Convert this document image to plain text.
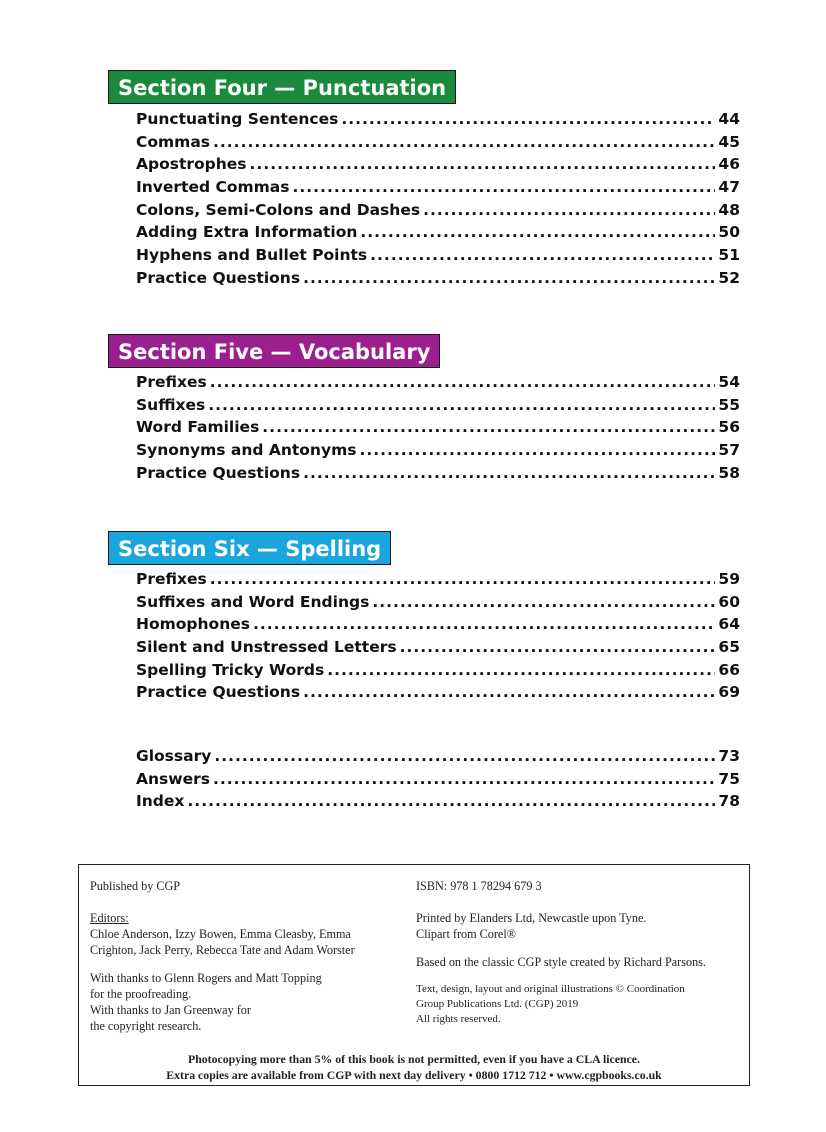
Section Four — Punctuation
Punctuating Sentences .....	44
Commas .....	45
Apostrophes .....	46
Inverted Commas .....	47
Colons, Semi-Colons and Dashes .....	48
Adding Extra Information .....	50
Hyphens and Bullet Points .....	51
Practice Questions .....	52
Section Five — Vocabulary
Prefixes .....	54
Suffixes .....	55
Word Families .....	56
Synonyms and Antonyms .....	57
Practice Questions .....	58
Section Six — Spelling
Prefixes .....	59
Suffixes and Word Endings .....	60
Homophones .....	64
Silent and Unstressed Letters .....	65
Spelling Tricky Words .....	66
Practice Questions .....	69
Glossary .....	73
Answers .....	75
Index .....	78

Published by CGP

Editors:

Chloe Anderson, Izzy Bowen, Emma Cleasby, Emma

Crighton, Jack Perry, Rebecca Tate and Adam Worster

With thanks to Glenn Rogers and Matt Topping

for the proofreading.

With thanks to Jan Greenway for

the copyright research.

ISBN: 978 1 78294 679 3

Printed by Elanders Ltd, Newcastle upon Tyne.

Clipart from Corel®

Based on the classic CGP style created by Richard Parsons.

Text, design, layout and original illustrations © Coordination

Group Publications Ltd. (CGP) 2019

All rights reserved.

Photocopying more than 5% of this book is not permitted, even if you have a CLA licence.
Extra copies are available from CGP with next day delivery • 0800 1712 712 • www.cgpbooks.co.uk
